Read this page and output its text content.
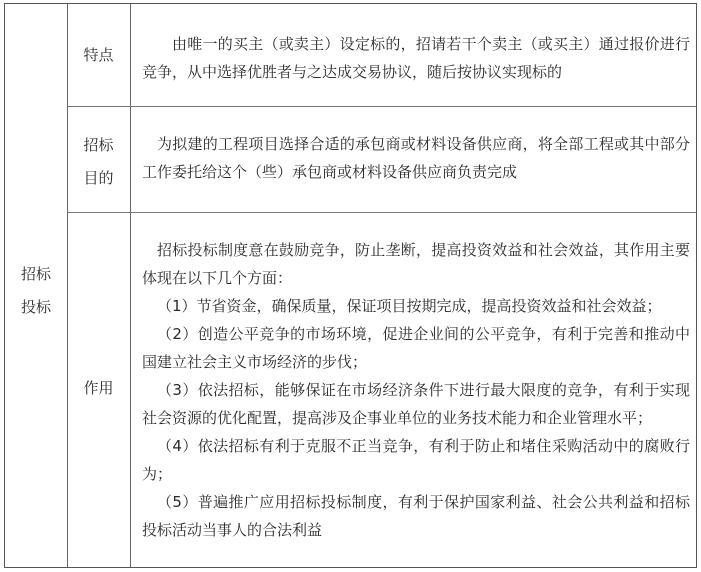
招标
投标
特点

由唯一的买主（或卖主）设定标的，招请若干个卖主（或买主）通过报价进行竞争，从中选择优胜者与之达成交易协议，随后按协议实现标的

招标
目的

为拟建的工程项目选择合适的承包商或材料设备供应商，将全部工程或其中部分工作委托给这个（些）承包商或材料设备供应商负责完成

作用

招标投标制度意在鼓励竞争，防止垄断，提高投资效益和社会效益，其作用主要体现在以下几个方面：

（1）节省资金，确保质量，保证项目按期完成，提高投资效益和社会效益；

（2）创造公平竞争的市场环境，促进企业间的公平竞争，有利于完善和推动中国建立社会主义市场经济的步伐；

（3）依法招标，能够保证在市场经济条件下进行最大限度的竞争，有利于实现社会资源的优化配置，提高涉及企事业单位的业务技术能力和企业管理水平；

（4）依法招标有利于克服不正当竞争，有利于防止和堵住采购活动中的腐败行为；

（5）普遍推广应用招标投标制度，有利于保护国家利益、社会公共利益和招标投标活动当事人的合法利益
